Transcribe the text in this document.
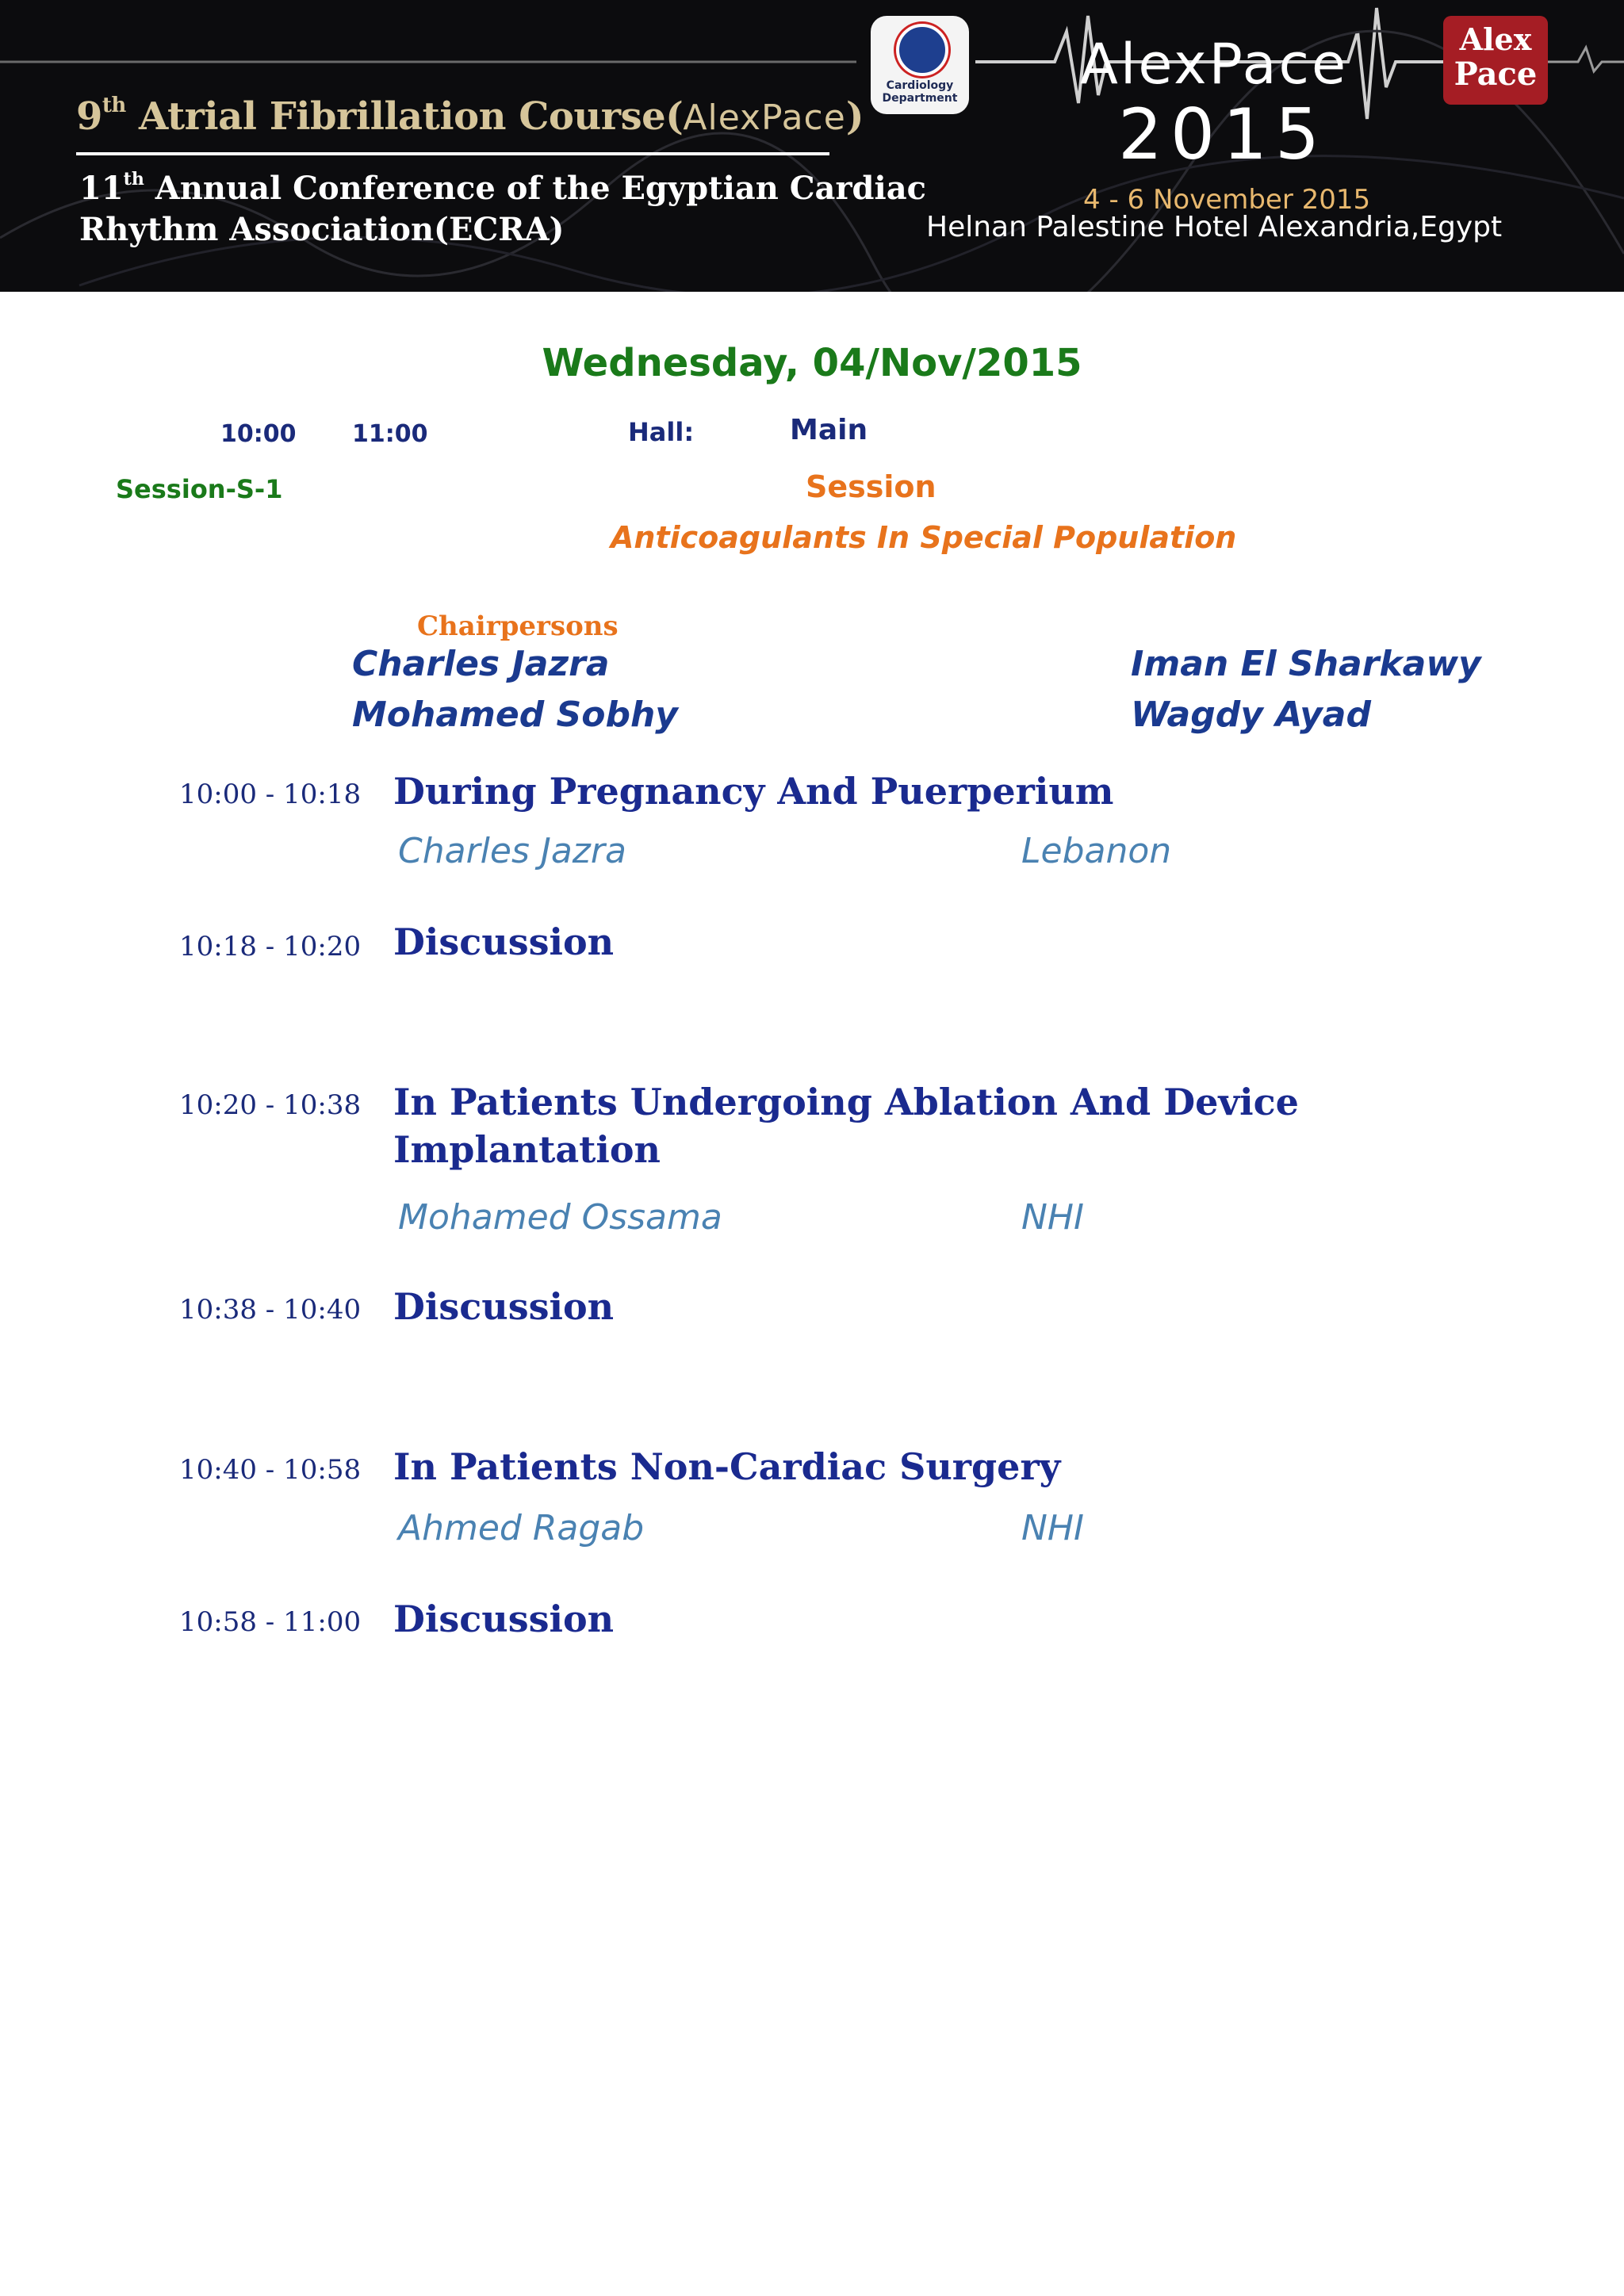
9th Atrial Fibrillation Course(AlexPace)
11th Annual Conference of the Egyptian Cardiac
Rhythm Association(ECRA)
Cardiology Department
AlexPace
2015
Alex
Pace
4 - 6 November 2015
Helnan Palestine Hotel Alexandria,Egypt
Wednesday, 04/Nov/2015
10:00 11:00	Hall:	Main
Session-S-1	Session
Anticoagulants In Special Population
Chairpersons
Charles Jazra	Iman El Sharkawy
Mohamed Sobhy	Wagdy Ayad
10:00 - 10:18 During Pregnancy And Puerperium
Charles Jazra	Lebanon
10:18 - 10:20 Discussion
10:20 - 10:38 In Patients Undergoing Ablation And Device
Implantation
Mohamed Ossama	NHI
10:38 - 10:40 Discussion
10:40 - 10:58 In Patients Non-Cardiac Surgery
Ahmed Ragab	NHI
10:58 - 11:00 Discussion
